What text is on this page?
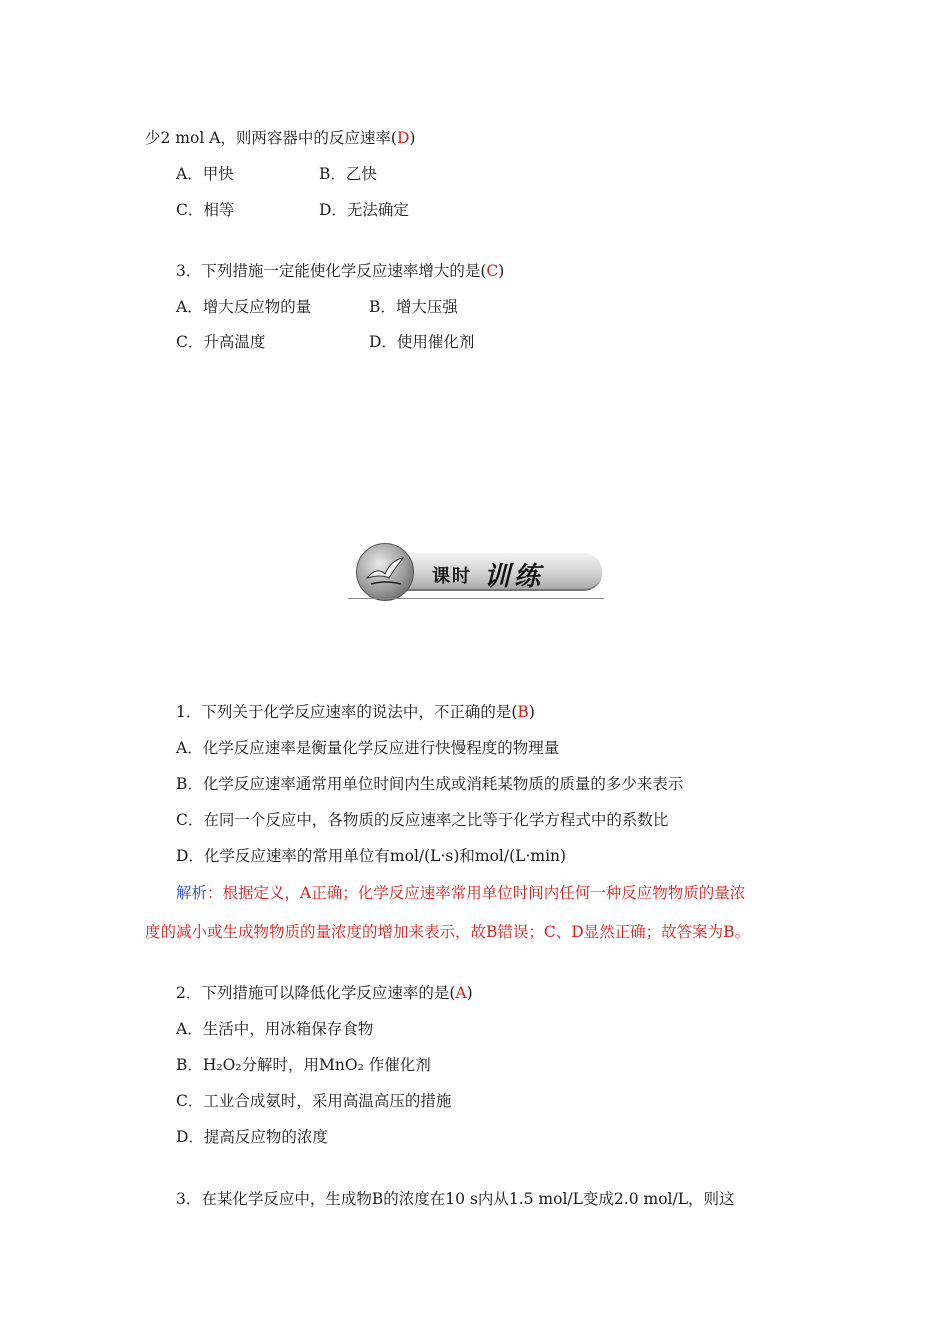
少2 mol A，则两容器中的反应速率(D)
A．甲快	B．乙快
C．相等	D．无法确定
3．下列措施一定能使化学反应速率增大的是(C)
A．增大反应物的量	B．增大压强
C．升高温度	D．使用催化剂
课时 训练
1．下列关于化学反应速率的说法中，不正确的是(B)
A．化学反应速率是衡量化学反应进行快慢程度的物理量
B．化学反应速率通常用单位时间内生成或消耗某物质的质量的多少来表示
C．在同一个反应中，各物质的反应速率之比等于化学方程式中的系数比
D．化学反应速率的常用单位有mol/(L·s)和mol/(L·min)
解析：根据定义，A正确；化学反应速率常用单位时间内任何一种反应物物质的量浓
度的减小或生成物物质的量浓度的增加来表示，故B错误；C、D显然正确；故答案为B。
2．下列措施可以降低化学反应速率的是(A)
A．生活中，用冰箱保存食物
B．H₂O₂分解时，用MnO₂ 作催化剂
C．工业合成氨时，采用高温高压的措施
D．提高反应物的浓度
3．在某化学反应中，生成物B的浓度在10 s内从1.5 mol/L变成2.0 mol/L，则这
